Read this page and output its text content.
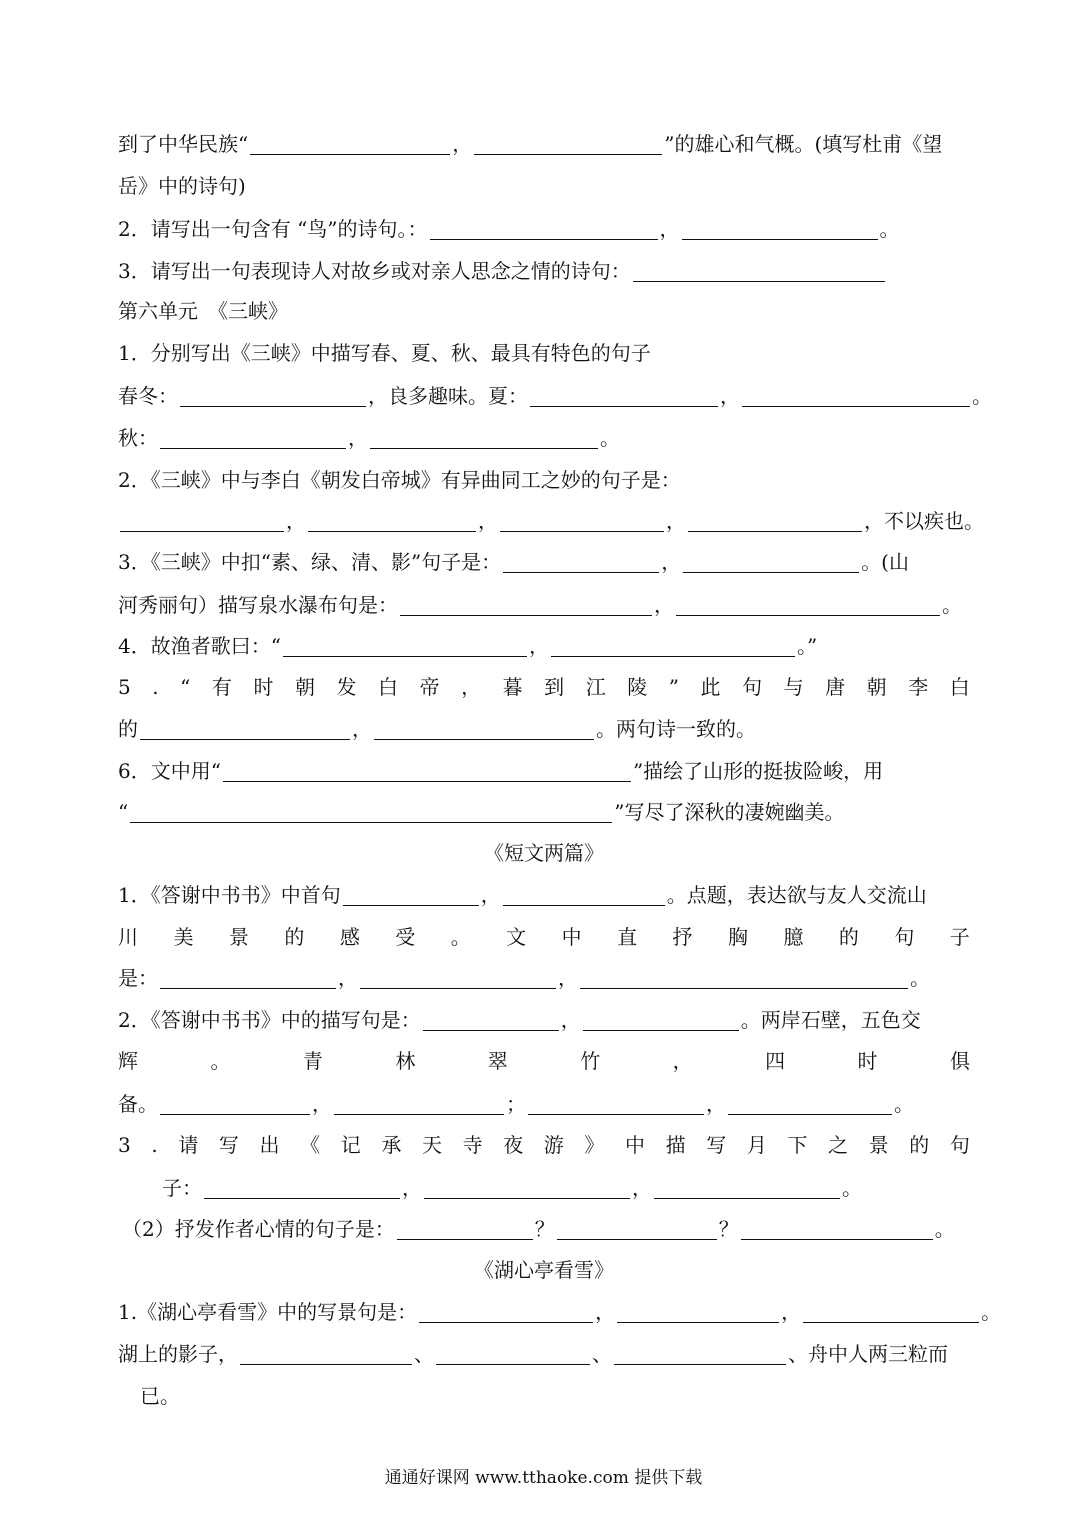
到了中华民族“	，	”的雄心和气概。(填写杜甫《望
岳》中的诗句)
2．请写出一句含有 “鸟”的诗句。：	，	。
3．请写出一句表现诗人对故乡或对亲人思念之情的诗句：
第六单元　《三峡》
1．分别写出《三峡》中描写春、夏、秋、最具有特色的句子
春冬：	，良多趣味。夏：	，	。
秋：	，	。
2．《三峡》中与李白《朝发白帝城》有异曲同工之妙的句子是：
，	，	，	，不以疾也。
3．《三峡》中扣“素、绿、清、影”句子是：	，	。(山
河秀丽句）描写泉水瀑布句是：	，	。
4．故渔者歌曰：“	，	。”
5 . “ 有 时 朝 发 白 帝 ， 暮 到 江 陵 ” 此 句 与 唐 朝 李 白
的	，	。两句诗一致的。
6．文中用“	”描绘了山形的挺拔险峻，用
“	”写尽了深秋的凄婉幽美。
《短文两篇》
1．《答谢中书书》中首句	，	。点题，表达欲与友人交流山
川 美 景 的 感 受 。 文 中 直 抒 胸 臆 的 句 子
是：	，	，	。
2．《答谢中书书》中的描写句是：	，	。两岸石壁，五色交
辉	。	青	林	翠	竹	，	四	时	俱
备。	，	；	，	。
3 . 请 写 出 《 记 承 天 寺 夜 游 》 中 描 写 月 下 之 景 的 句
子：	，	，	。
（2）抒发作者心情的句子是：	？	？	。
《湖心亭看雪》
1.《湖心亭看雪》中的写景句是：	，	，	。
湖上的影子，	、	、	、舟中人两三粒而
已。
通通好课网 www.tthaoke.com 提供下载
